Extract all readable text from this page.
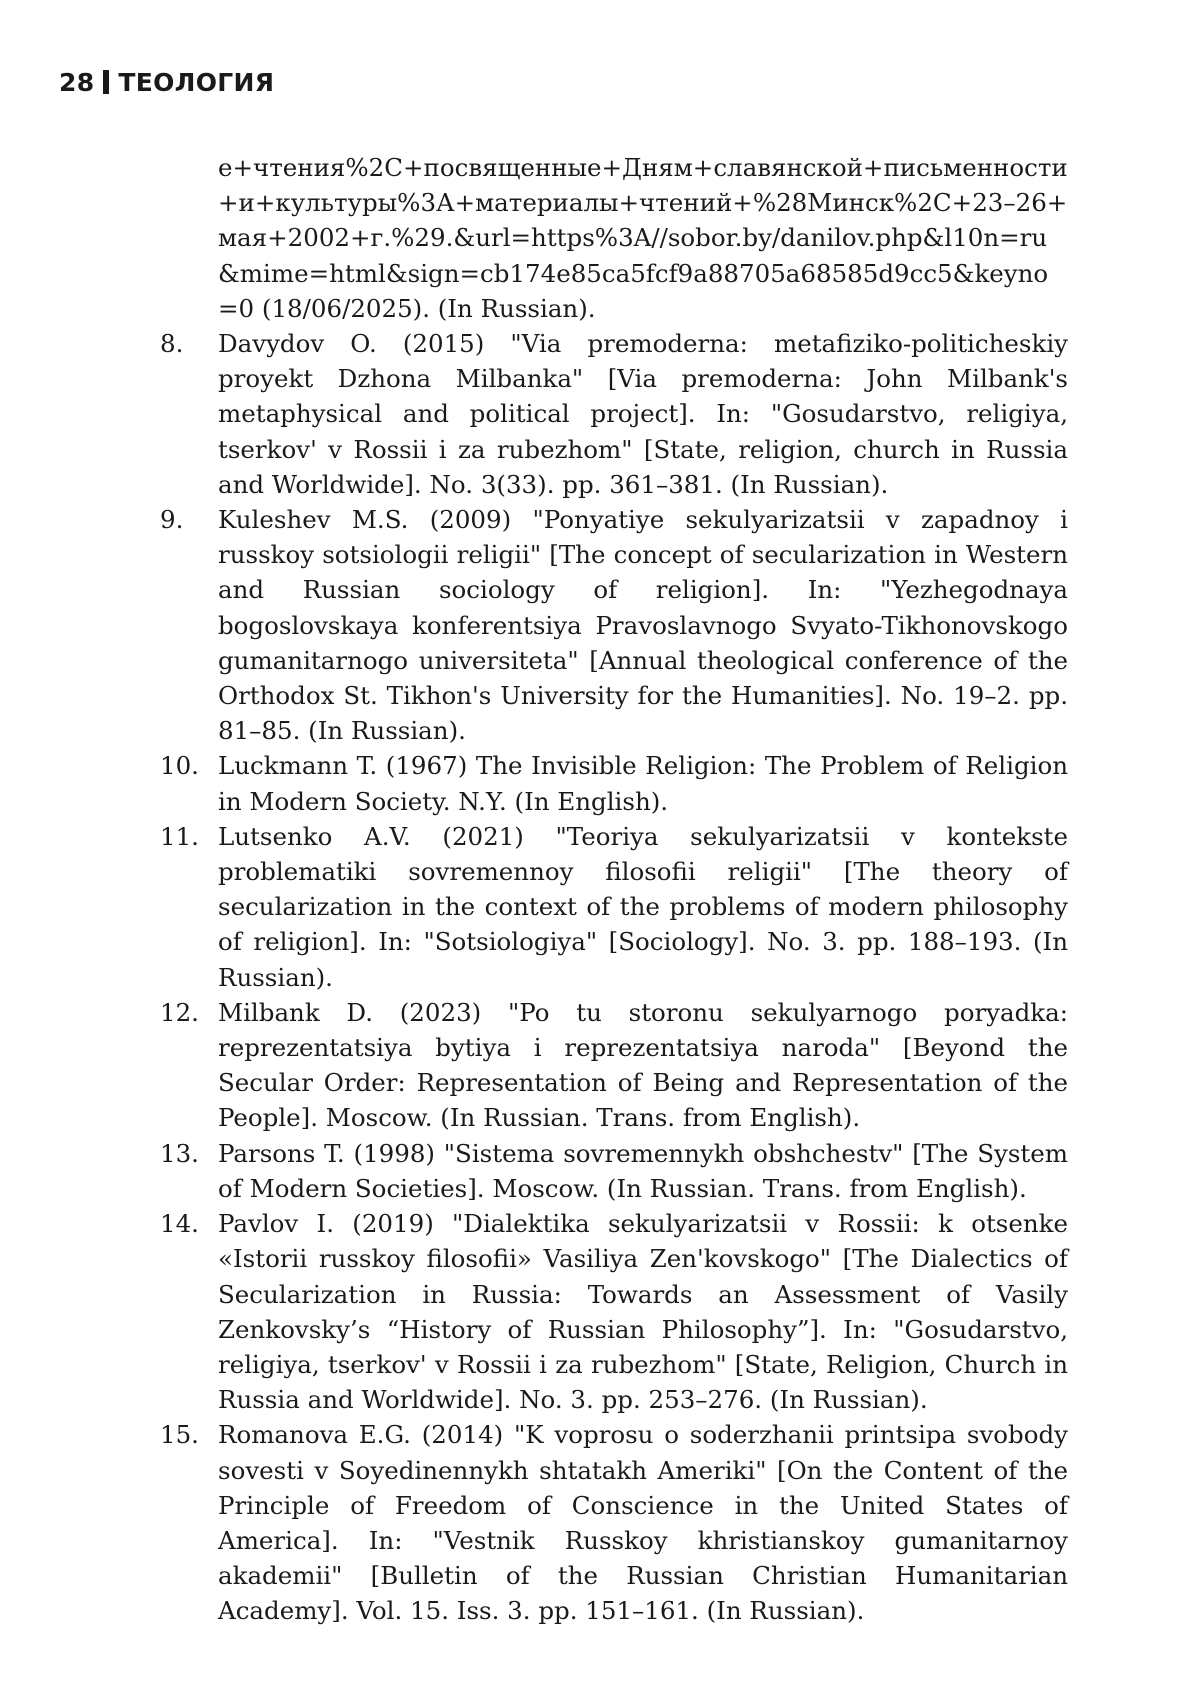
28 ТЕОЛОГИЯ
е+чтения%2С+посвященные+Дням+славянской+письменности+и+культуры%3А+материалы+чтений+%28Минск%2С+23–26+мая+2002+г.%29.&url=https%3A//sobor.by/danilov.php&l10n=ru&mime=html&sign=cb174e85ca5fcf9a88705a68585d9cc5&keyno=0 (18/06/2025). (In Russian).
8. Davydov O. (2015) "Via premoderna: metafiziko-politicheskiy proyekt Dzhona Milbanka" [Via premoderna: John Milbank's metaphysical and political project]. In: "Gosudarstvo, religiya, tserkov' v Rossii i za rubezhom" [State, religion, church in Russia and Worldwide]. No. 3(33). pp. 361–381. (In Russian).
9. Kuleshev M.S. (2009) "Ponyatiye sekulyarizatsii v zapadnoy i russkoy sotsiologii religii" [The concept of secularization in Western and Russian sociology of religion]. In: "Yezhegodnaya bogoslovskaya konferentsiya Pravoslavnogo Svyato-Tikhonovskogo gumanitarnogo universiteta" [Annual theological conference of the Orthodox St. Tikhon's University for the Humanities]. No. 19–2. pp. 81–85. (In Russian).
10. Luckmann T. (1967) The Invisible Religion: The Problem of Religion in Modern Society. N.Y. (In English).
11. Lutsenko A.V. (2021) "Teoriya sekulyarizatsii v kontekste problematiki sovremennoy filosofii religii" [The theory of secularization in the context of the problems of modern philosophy of religion]. In: "Sotsiologiya" [Sociology]. No. 3. pp. 188–193. (In Russian).
12. Milbank D. (2023) "Po tu storonu sekulyarnogo poryadka: reprezentatsiya bytiya i reprezentatsiya naroda" [Beyond the Secular Order: Representation of Being and Representation of the People]. Moscow. (In Russian. Trans. from English).
13. Parsons T. (1998) "Sistema sovremennykh obshchestv" [The System of Modern Societies]. Moscow. (In Russian. Trans. from English).
14. Pavlov I. (2019) "Dialektika sekulyarizatsii v Rossii: k otsenke «Istorii russkoy filosofii» Vasiliya Zen'kovskogo" [The Dialectics of Secularization in Russia: Towards an Assessment of Vasily Zenkovsky’s “History of Russian Philosophy”]. In: "Gosudarstvo, religiya, tserkov' v Rossii i za rubezhom" [State, Religion, Church in Russia and Worldwide]. No. 3. pp. 253–276. (In Russian).
15. Romanova E.G. (2014) "K voprosu o soderzhanii printsipa svobody sovesti v Soyedinennykh shtatakh Ameriki" [On the Content of the Principle of Freedom of Conscience in the United States of America]. In: "Vestnik Russkoy khristianskoy gumanitarnoy akademii" [Bulletin of the Russian Christian Humanitarian Academy]. Vol. 15. Iss. 3. pp. 151–161. (In Russian).
